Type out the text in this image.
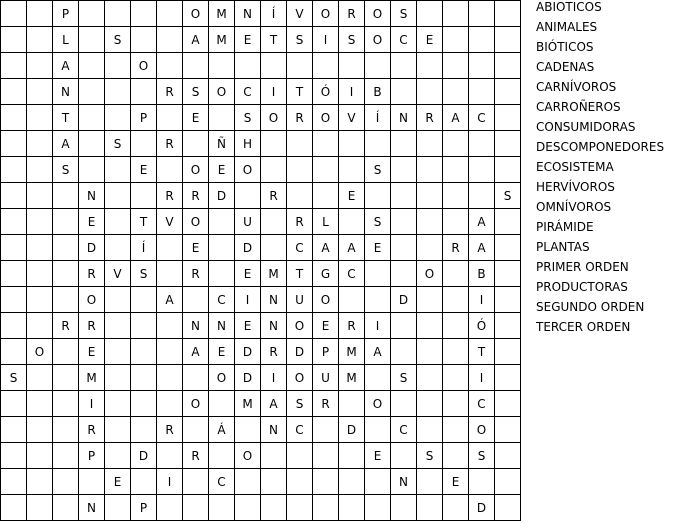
		P					O	M	N	Í	V	O	R	O	S				
		L		S			A	M	E	T	S	I	S	O	C	E			
		A			O														
		N				R	S	O	C	I	T	Ó	I	B					
		T			P		E		S	O	R	O	V	Í	N	R	A	C	
		A		S		R		Ñ	H										
		S			E		O	E	O					S					
			N			R	R	D		R			E						S
			E		T	V	O		U		R	L		S				A	
			D		Í		E		D		C	A	A	E			R	A	
			R	V	S		R		E	M	T	G	C			O		B	
			O			A		C	I	N	U	O			D			I	
		R	R				N	N	E	N	O	E	R	I				Ó	
	O		E				A	E	D	R	D	P	M	A				T	
S			M					O	D	I	O	U	M		S			I	
			I				O		M	A	S	R		O				C	
			R			R		Á		N	C		D		C			O	
			P		D		R		O					E		S		S	
				E		I		C							N		E		
			N		P													D	
ABIOTICOS
ANIMALES
BIÓTICOS
CADENAS
CARNÍVOROS
CARROÑEROS
CONSUMIDORAS
DESCOMPONEDORES
ECOSISTEMA
HERVÍVOROS
OMNÍVOROS
PIRÁMIDE
PLANTAS
PRIMER ORDEN
PRODUCTORAS
SEGUNDO ORDEN
TERCER ORDEN
